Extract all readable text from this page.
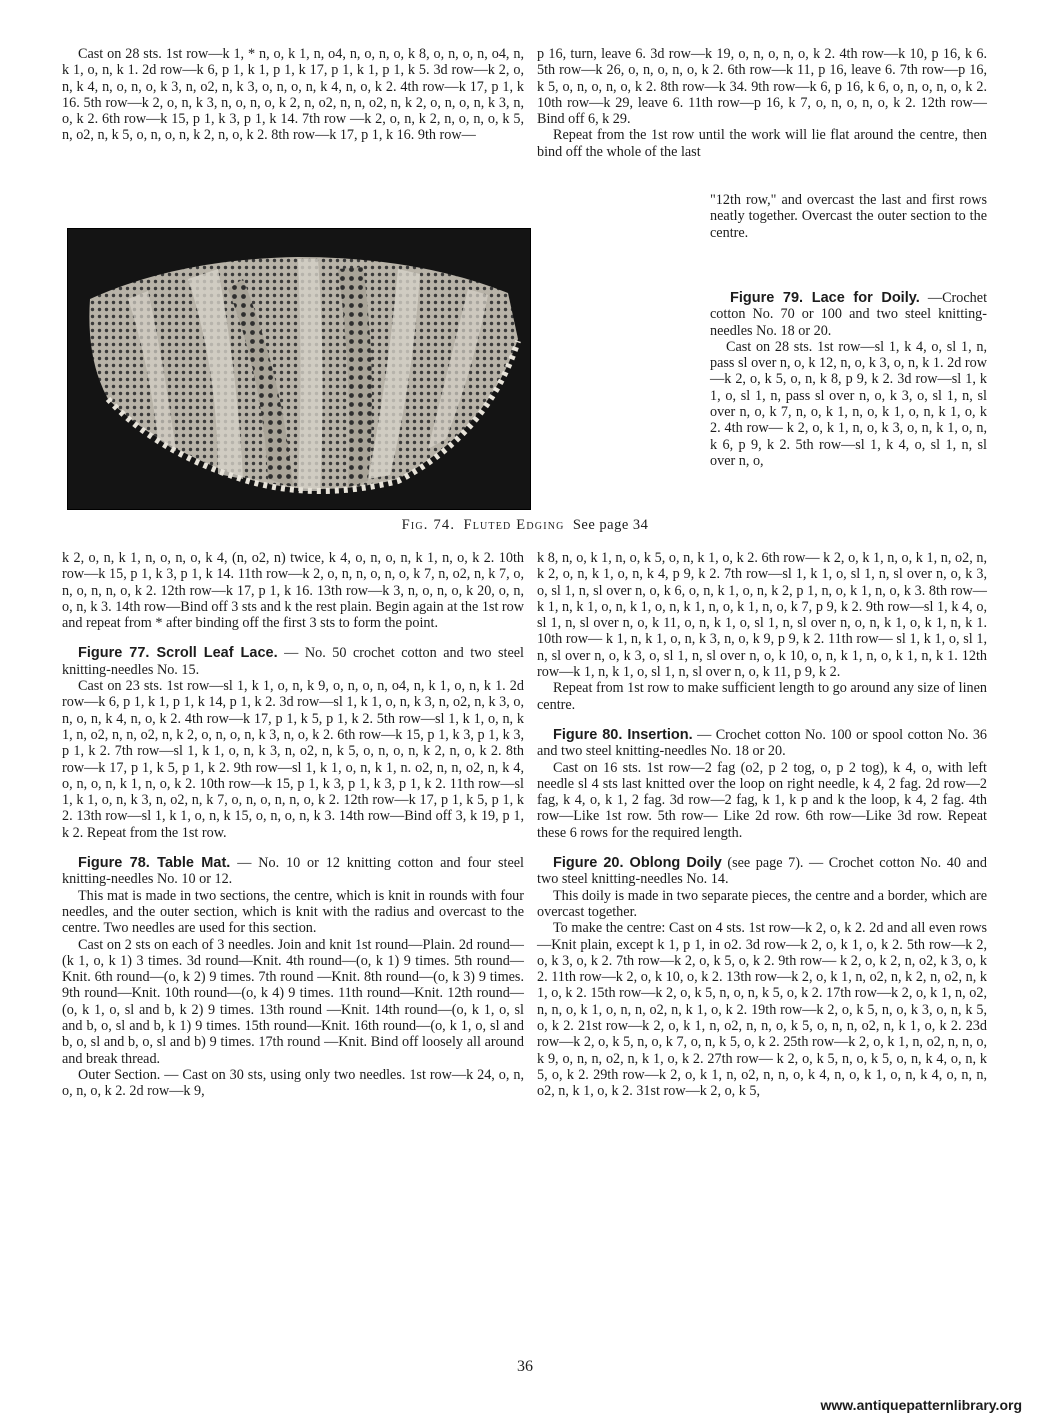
Cast on 28 sts. 1st row—k 1, * n, o, k 1, n, o4, n, o, n, o, k 8, o, n, o, n, o4, n, k 1, o, n, k 1. 2d row—k 6, p 1, k 1, p 1, k 17, p 1, k 1, p 1, k 5. 3d row—k 2, o, n, k 4, n, o, n, o, k 3, n, o2, n, k 3, o, n, o, n, k 4, n, o, k 2. 4th row—k 17, p 1, k 16. 5th row—k 2, o, n, k 3, n, o, n, o, k 2, n, o2, n, n, o2, n, k 2, o, n, o, n, k 3, n, o, k 2. 6th row—k 15, p 1, k 3, p 1, k 14. 7th row —k 2, o, n, k 2, n, o, n, o, k 5, n, o2, n, k 5, o, n, o, n, k 2, n, o, k 2. 8th row—k 17, p 1, k 16. 9th row—

p 16, turn, leave 6. 3d row—k 19, o, n, o, n, o, k 2. 4th row—k 10, p 16, k 6. 5th row—k 26, o, n, o, n, o, k 2. 6th row—k 11, p 16, leave 6. 7th row—p 16, k 5, o, n, o, n, o, k 2. 8th row—k 34. 9th row—k 6, p 16, k 6, o, n, o, n, o, k 2. 10th row—k 29, leave 6. 11th row—p 16, k 7, o, n, o, n, o, k 2. 12th row—Bind off 6, k 29.

Repeat from the 1st row until the work will lie flat around the centre, then bind off the whole of the last

"12th row," and overcast the last and first rows neatly together. Overcast the outer section to the centre.

Figure 79. Lace for Doily. —Crochet cotton No. 70 or 100 and two steel knitting-needles No. 18 or 20.

Cast on 28 sts. 1st row—sl 1, k 4, o, sl 1, n, pass sl over n, o, k 12, n, o, k 3, o, n, k 1. 2d row —k 2, o, k 5, o, n, k 8, p 9, k 2. 3d row—sl 1, k 1, o, sl 1, n, pass sl over n, o, k 3, o, sl 1, n, sl over n, o, k 7, n, o, k 1, n, o, k 1, o, n, k 1, o, k 2. 4th row— k 2, o, k 1, n, o, k 3, o, n, k 1, o, n, k 6, p 9, k 2. 5th row—sl 1, k 4, o, sl 1, n, sl over n, o,

Fig. 74. Fluted Edging See page 34

k 2, o, n, k 1, n, o, n, o, k 4, (n, o2, n) twice, k 4, o, n, o, n, k 1, n, o, k 2. 10th row—k 15, p 1, k 3, p 1, k 14. 11th row—k 2, o, n, n, o, n, o, k 7, n, o2, n, k 7, o, n, o, n, n, o, k 2. 12th row—k 17, p 1, k 16. 13th row—k 3, n, o, n, o, k 20, o, n, o, n, k 3. 14th row—Bind off 3 sts and k the rest plain. Begin again at the 1st row and repeat from * after binding off the first 3 sts to form the point.

Figure 77. Scroll Leaf Lace. — No. 50 crochet cotton and two steel knitting-needles No. 15.

Cast on 23 sts. 1st row—sl 1, k 1, o, n, k 9, o, n, o, n, o4, n, k 1, o, n, k 1. 2d row—k 6, p 1, k 1, p 1, k 14, p 1, k 2. 3d row—sl 1, k 1, o, n, k 3, n, o2, n, k 3, o, n, o, n, k 4, n, o, k 2. 4th row—k 17, p 1, k 5, p 1, k 2. 5th row—sl 1, k 1, o, n, k 1, n, o2, n, n, o2, n, k 2, o, n, o, n, k 3, n, o, k 2. 6th row—k 15, p 1, k 3, p 1, k 3, p 1, k 2. 7th row—sl 1, k 1, o, n, k 3, n, o2, n, k 5, o, n, o, n, k 2, n, o, k 2. 8th row—k 17, p 1, k 5, p 1, k 2. 9th row—sl 1, k 1, o, n, k 1, n. o2, n, n, o2, n, k 4, o, n, o, n, k 1, n, o, k 2. 10th row—k 15, p 1, k 3, p 1, k 3, p 1, k 2. 11th row—sl 1, k 1, o, n, k 3, n, o2, n, k 7, o, n, o, n, n, o, k 2. 12th row—k 17, p 1, k 5, p 1, k 2. 13th row—sl 1, k 1, o, n, k 15, o, n, o, n, k 3. 14th row—Bind off 3, k 19, p 1, k 2. Repeat from the 1st row.

Figure 78. Table Mat. — No. 10 or 12 knitting cotton and four steel knitting-needles No. 10 or 12.

This mat is made in two sections, the centre, which is knit in rounds with four needles, and the outer section, which is knit with the radius and overcast to the centre. Two needles are used for this section.

Cast on 2 sts on each of 3 needles. Join and knit 1st round—Plain. 2d round—(k 1, o, k 1) 3 times. 3d round—Knit. 4th round—(o, k 1) 9 times. 5th round—Knit. 6th round—(o, k 2) 9 times. 7th round —Knit. 8th round—(o, k 3) 9 times. 9th round—Knit. 10th round—(o, k 4) 9 times. 11th round—Knit. 12th round—(o, k 1, o, sl and b, k 2) 9 times. 13th round —Knit. 14th round—(o, k 1, o, sl and b, o, sl and b, k 1) 9 times. 15th round—Knit. 16th round—(o, k 1, o, sl and b, o, sl and b, o, sl and b) 9 times. 17th round —Knit. Bind off loosely all around and break thread.

Outer Section. — Cast on 30 sts, using only two needles. 1st row—k 24, o, n, o, n, o, k 2. 2d row—k 9,

k 8, n, o, k 1, n, o, k 5, o, n, k 1, o, k 2. 6th row— k 2, o, k 1, n, o, k 1, n, o2, n, k 2, o, n, k 1, o, n, k 4, p 9, k 2. 7th row—sl 1, k 1, o, sl 1, n, sl over n, o, k 3, o, sl 1, n, sl over n, o, k 6, o, n, k 1, o, n, k 2, p 1, n, o, k 1, n, o, k 3. 8th row—k 1, n, k 1, o, n, k 1, o, n, k 1, n, o, k 1, n, o, k 7, p 9, k 2. 9th row—sl 1, k 4, o, sl 1, n, sl over n, o, k 11, o, n, k 1, o, sl 1, n, sl over n, o, n, k 1, o, k 1, n, k 1. 10th row— k 1, n, k 1, o, n, k 3, n, o, k 9, p 9, k 2. 11th row— sl 1, k 1, o, sl 1, n, sl over n, o, k 3, o, sl 1, n, sl over n, o, k 10, o, n, k 1, n, o, k 1, n, k 1. 12th row—k 1, n, k 1, o, sl 1, n, sl over n, o, k 11, p 9, k 2.

Repeat from 1st row to make sufficient length to go around any size of linen centre.

Figure 80. Insertion. — Crochet cotton No. 100 or spool cotton No. 36 and two steel knitting-needles No. 18 or 20.

Cast on 16 sts. 1st row—2 fag (o2, p 2 tog, o, p 2 tog), k 4, o, with left needle sl 4 sts last knitted over the loop on right needle, k 4, 2 fag. 2d row—2 fag, k 4, o, k 1, 2 fag. 3d row—2 fag, k 1, k p and k the loop, k 4, 2 fag. 4th row—Like 1st row. 5th row— Like 2d row. 6th row—Like 3d row. Repeat these 6 rows for the required length.

Figure 20. Oblong Doily (see page 7). — Crochet cotton No. 40 and two steel knitting-needles No. 14.

This doily is made in two separate pieces, the centre and a border, which are overcast together.

To make the centre: Cast on 4 sts. 1st row—k 2, o, k 2. 2d and all even rows—Knit plain, except k 1, p 1, in o2. 3d row—k 2, o, k 1, o, k 2. 5th row—k 2, o, k 3, o, k 2. 7th row—k 2, o, k 5, o, k 2. 9th row— k 2, o, k 2, n, o2, k 3, o, k 2. 11th row—k 2, o, k 10, o, k 2. 13th row—k 2, o, k 1, n, o2, n, k 2, n, o2, n, k 1, o, k 2. 15th row—k 2, o, k 5, n, o, n, k 5, o, k 2. 17th row—k 2, o, k 1, n, o2, n, n, o, k 1, o, n, n, o2, n, k 1, o, k 2. 19th row—k 2, o, k 5, n, o, k 3, o, n, k 5, o, k 2. 21st row—k 2, o, k 1, n, o2, n, n, o, k 5, o, n, n, o2, n, k 1, o, k 2. 23d row—k 2, o, k 5, n, o, k 7, o, n, k 5, o, k 2. 25th row—k 2, o, k 1, n, o2, n, n, o, k 9, o, n, n, o2, n, k 1, o, k 2. 27th row— k 2, o, k 5, n, o, k 5, o, n, k 4, o, n, k 5, o, k 2. 29th row—k 2, o, k 1, n, o2, n, n, o, k 4, n, o, k 1, o, n, k 4, o, n, n, o2, n, k 1, o, k 2. 31st row—k 2, o, k 5,

36
www.antiquepatternlibrary.org
